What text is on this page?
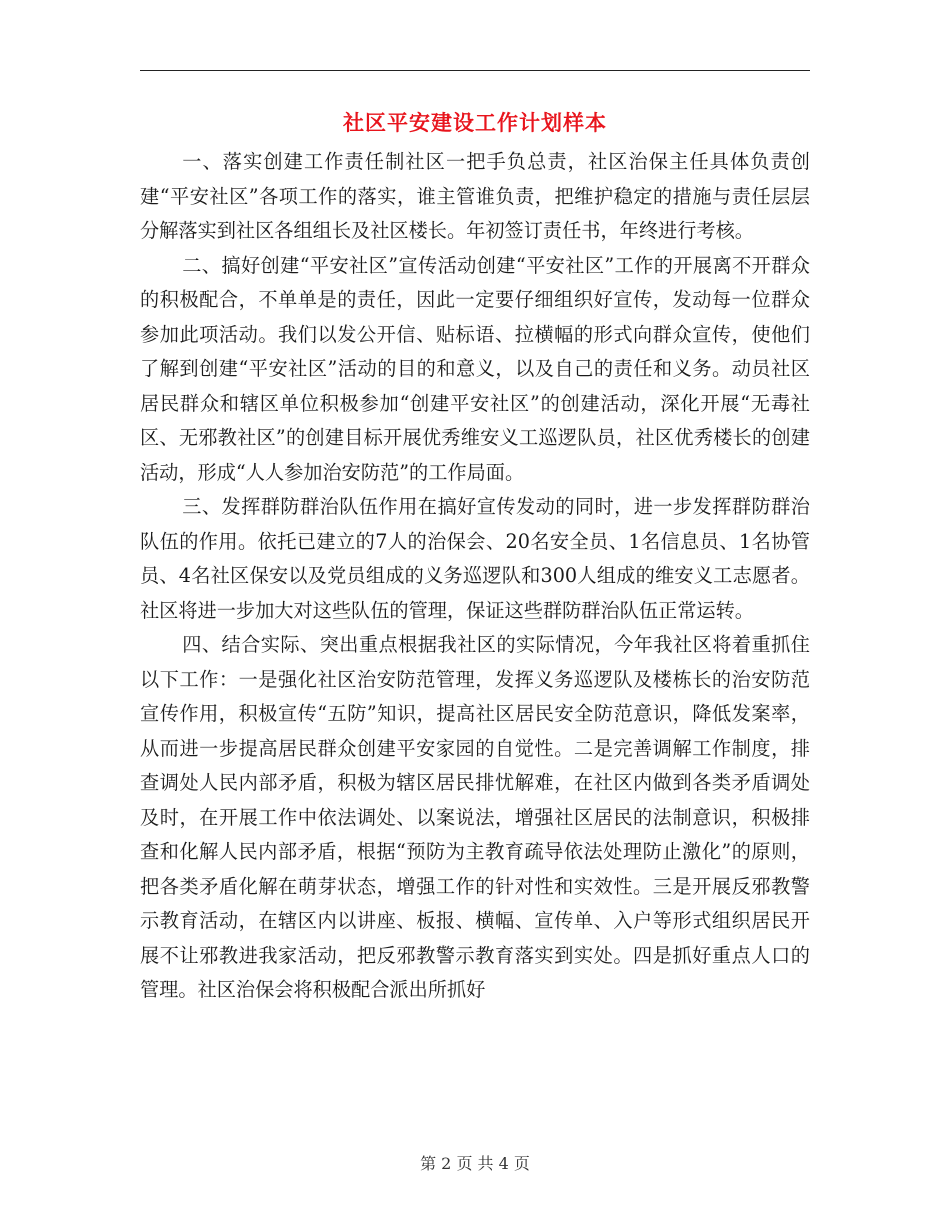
社区平安建设工作计划样本

一、落实创建工作责任制社区一把手负总责，社区治保主任具体负责创建“平安社区”各项工作的落实，谁主管谁负责，把维护稳定的措施与责任层层分解落实到社区各组组长及社区楼长。年初签订责任书，年终进行考核。

二、搞好创建“平安社区”宣传活动创建“平安社区”工作的开展离不开群众的积极配合，不单单是的责任，因此一定要仔细组织好宣传，发动每一位群众参加此项活动。我们以发公开信、贴标语、拉横幅的形式向群众宣传，使他们了解到创建“平安社区”活动的目的和意义，以及自己的责任和义务。动员社区居民群众和辖区单位积极参加“创建平安社区”的创建活动，深化开展“无毒社区、无邪教社区”的创建目标开展优秀维安义工巡逻队员，社区优秀楼长的创建活动，形成“人人参加治安防范”的工作局面。

三、发挥群防群治队伍作用在搞好宣传发动的同时，进一步发挥群防群治队伍的作用。依托已建立的7人的治保会、20名安全员、1名信息员、1名协管员、4名社区保安以及党员组成的义务巡逻队和300人组成的维安义工志愿者。社区将进一步加大对这些队伍的管理，保证这些群防群治队伍正常运转。

四、结合实际、突出重点根据我社区的实际情况，今年我社区将着重抓住以下工作：一是强化社区治安防范管理，发挥义务巡逻队及楼栋长的治安防范宣传作用，积极宣传“五防”知识，提高社区居民安全防范意识，降低发案率，从而进一步提高居民群众创建平安家园的自觉性。二是完善调解工作制度，排查调处人民内部矛盾，积极为辖区居民排忧解难，在社区内做到各类矛盾调处及时，在开展工作中依法调处、以案说法，增强社区居民的法制意识，积极排查和化解人民内部矛盾，根据“预防为主教育疏导依法处理防止激化”的原则，把各类矛盾化解在萌芽状态，增强工作的针对性和实效性。三是开展反邪教警示教育活动，在辖区内以讲座、板报、横幅、宣传单、入户等形式组织居民开展不让邪教进我家活动，把反邪教警示教育落实到实处。四是抓好重点人口的管理。社区治保会将积极配合派出所抓好

第 2 页 共 4 页
